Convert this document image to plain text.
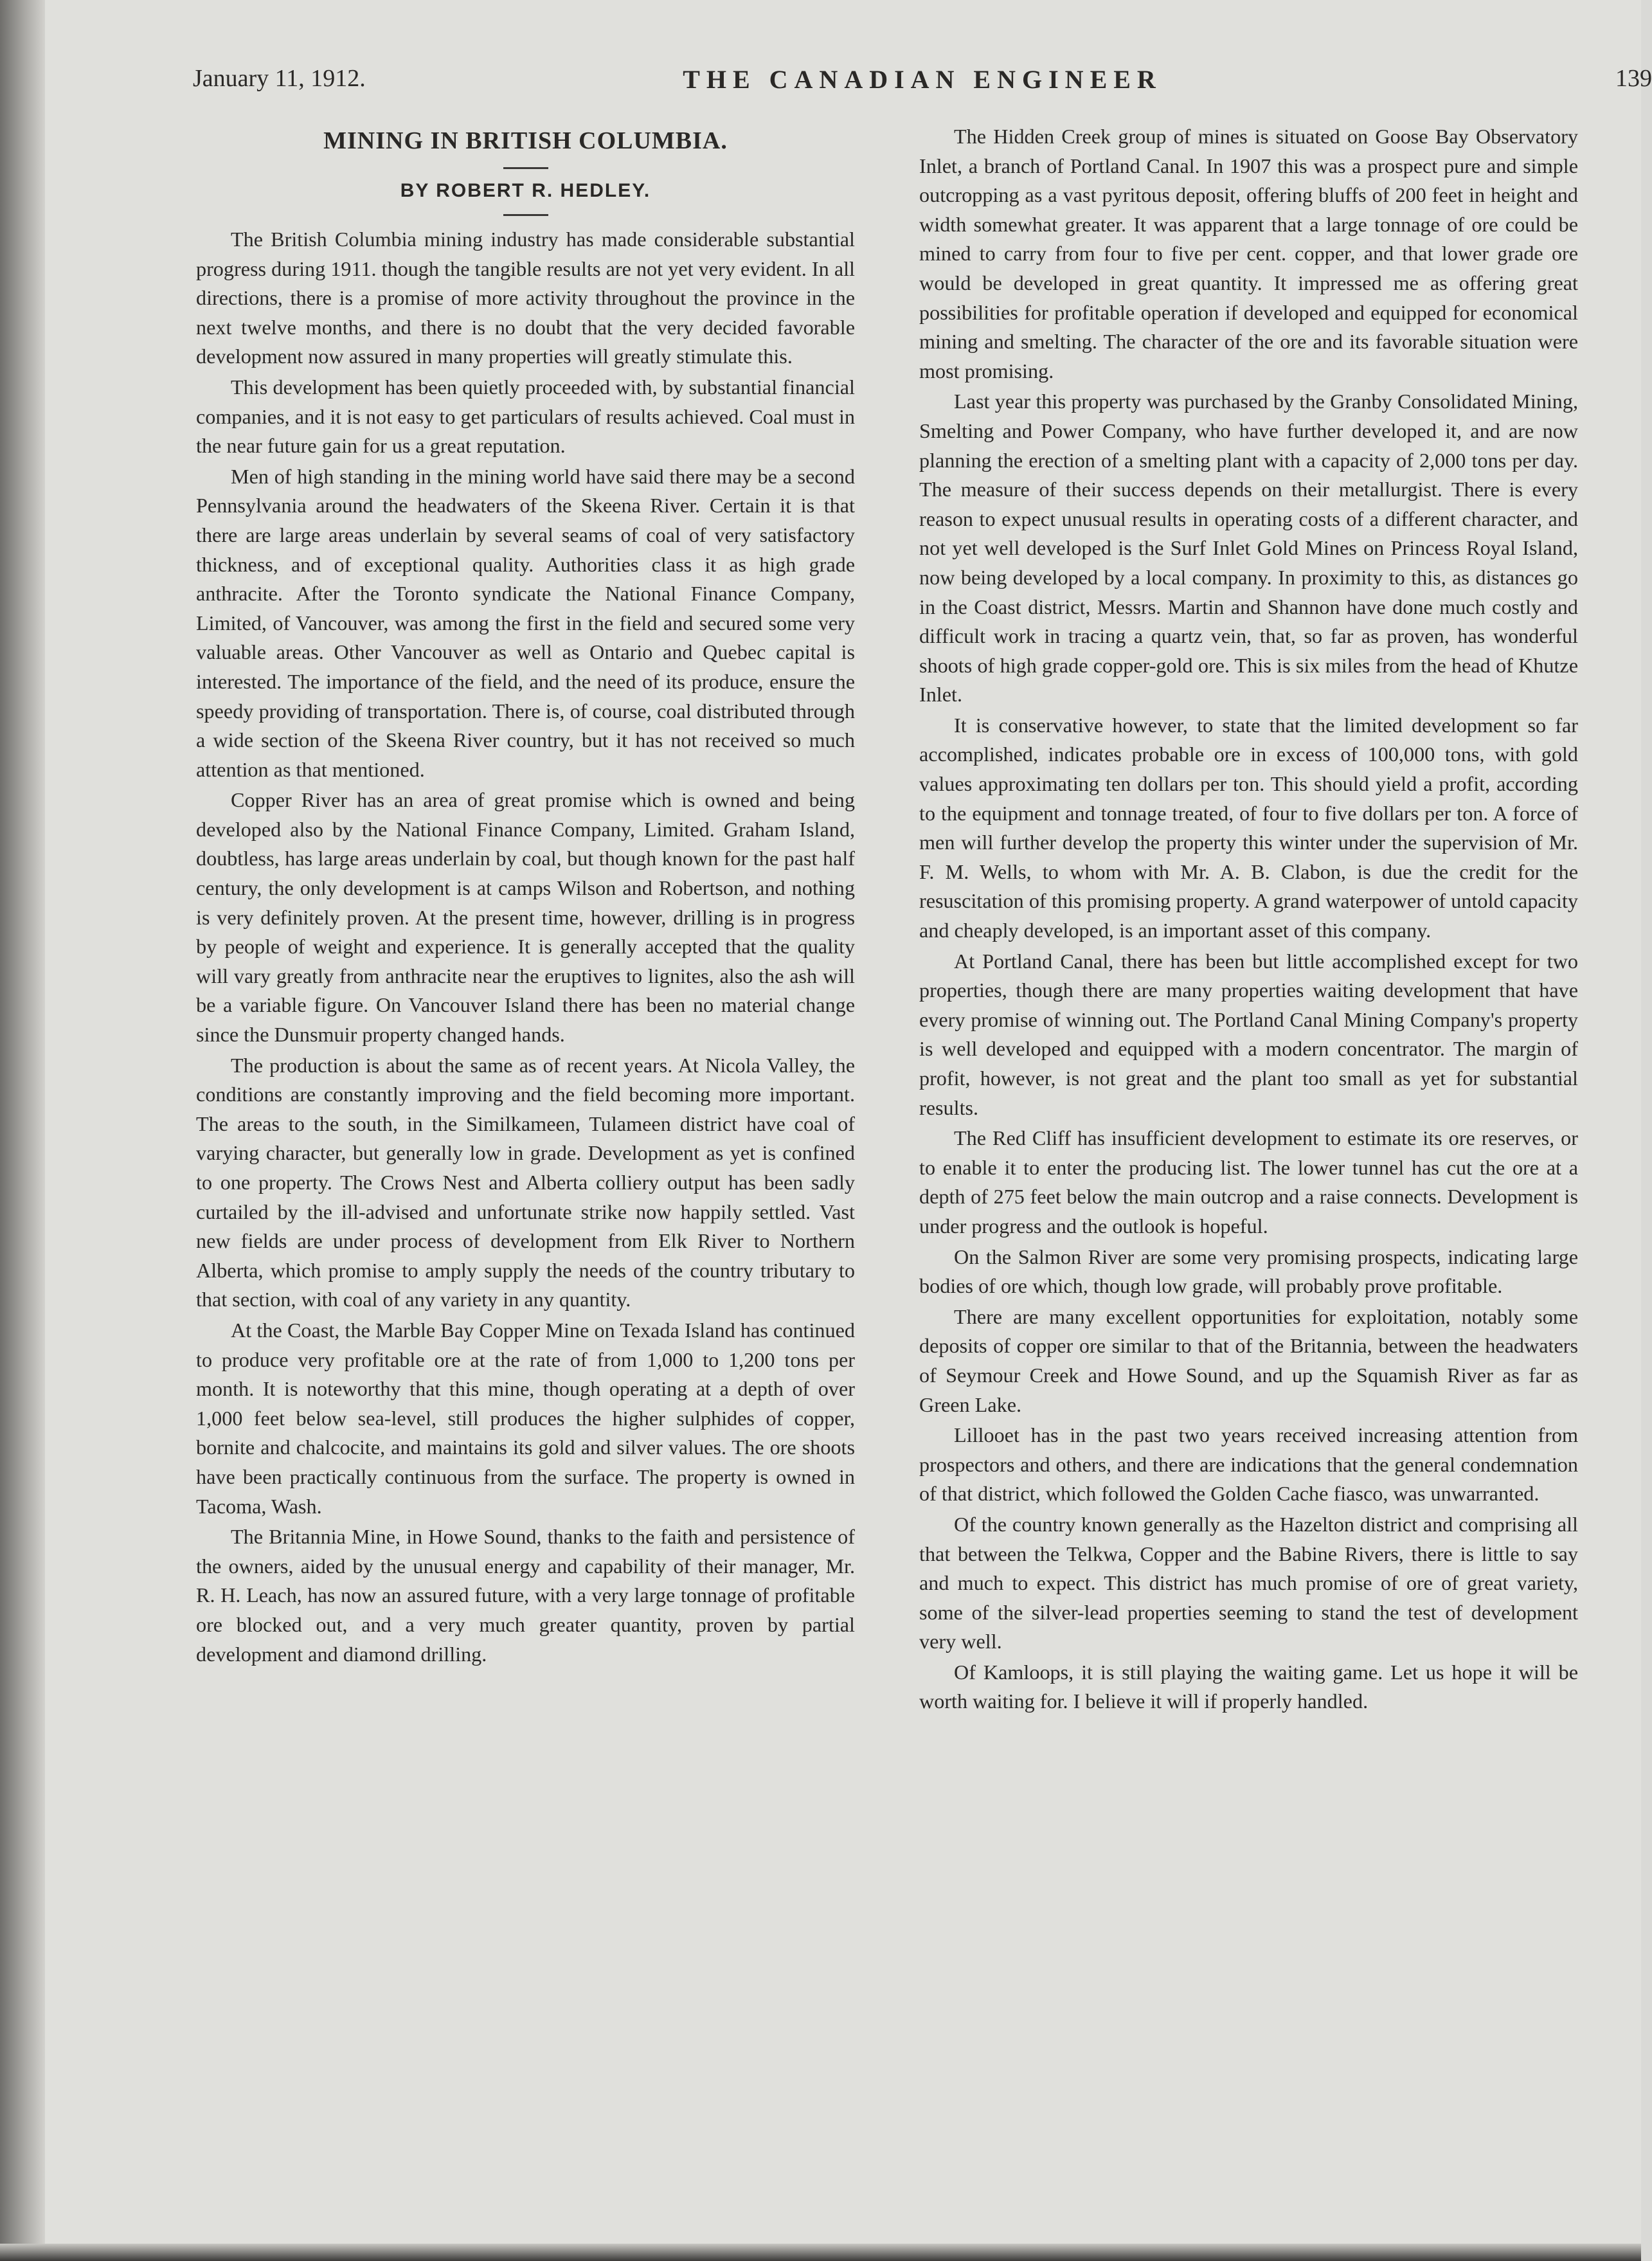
January 11, 1912.	THE CANADIAN ENGINEER	139
MINING IN BRITISH COLUMBIA.
BY ROBERT R. HEDLEY.

The British Columbia mining industry has made considerable substantial progress during 1911. though the tangible results are not yet very evident. In all directions, there is a promise of more activity throughout the province in the next twelve months, and there is no doubt that the very decided favorable development now assured in many properties will greatly stimulate this.

This development has been quietly proceeded with, by substantial financial companies, and it is not easy to get particulars of results achieved. Coal must in the near future gain for us a great reputation.

Men of high standing in the mining world have said there may be a second Pennsylvania around the headwaters of the Skeena River. Certain it is that there are large areas underlain by several seams of coal of very satisfactory thickness, and of exceptional quality. Authorities class it as high grade anthracite. After the Toronto syndicate the National Finance Company, Limited, of Vancouver, was among the first in the field and secured some very valuable areas. Other Vancouver as well as Ontario and Quebec capital is interested. The importance of the field, and the need of its produce, ensure the speedy providing of transportation. There is, of course, coal distributed through a wide section of the Skeena River country, but it has not received so much attention as that mentioned.

Copper River has an area of great promise which is owned and being developed also by the National Finance Company, Limited. Graham Island, doubtless, has large areas underlain by coal, but though known for the past half century, the only development is at camps Wilson and Robertson, and nothing is very definitely proven. At the present time, however, drilling is in progress by people of weight and experience. It is generally accepted that the quality will vary greatly from anthracite near the eruptives to lignites, also the ash will be a variable figure. On Vancouver Island there has been no material change since the Dunsmuir property changed hands.

The production is about the same as of recent years. At Nicola Valley, the conditions are constantly improving and the field becoming more important. The areas to the south, in the Similkameen, Tulameen district have coal of varying character, but generally low in grade. Development as yet is confined to one property. The Crows Nest and Alberta colliery output has been sadly curtailed by the ill-advised and unfortunate strike now happily settled. Vast new fields are under process of development from Elk River to Northern Alberta, which promise to amply supply the needs of the country tributary to that section, with coal of any variety in any quantity.

At the Coast, the Marble Bay Copper Mine on Texada Island has continued to produce very profitable ore at the rate of from 1,000 to 1,200 tons per month. It is noteworthy that this mine, though operating at a depth of over 1,000 feet below sea-level, still produces the higher sulphides of copper, bornite and chalcocite, and maintains its gold and silver values. The ore shoots have been practically continuous from the surface. The property is owned in Tacoma, Wash.

The Britannia Mine, in Howe Sound, thanks to the faith and persistence of the owners, aided by the unusual energy and capability of their manager, Mr. R. H. Leach, has now an assured future, with a very large tonnage of profitable ore blocked out, and a very much greater quantity, proven by partial development and diamond drilling.

The Hidden Creek group of mines is situated on Goose Bay Observatory Inlet, a branch of Portland Canal. In 1907 this was a prospect pure and simple outcropping as a vast pyritous deposit, offering bluffs of 200 feet in height and width somewhat greater. It was apparent that a large tonnage of ore could be mined to carry from four to five per cent. copper, and that lower grade ore would be developed in great quantity. It impressed me as offering great possibilities for profitable operation if developed and equipped for economical mining and smelting. The character of the ore and its favorable situation were most promising.

Last year this property was purchased by the Granby Consolidated Mining, Smelting and Power Company, who have further developed it, and are now planning the erection of a smelting plant with a capacity of 2,000 tons per day. The measure of their success depends on their metallurgist. There is every reason to expect unusual results in operating costs of a different character, and not yet well developed is the Surf Inlet Gold Mines on Princess Royal Island, now being developed by a local company. In proximity to this, as distances go in the Coast district, Messrs. Martin and Shannon have done much costly and difficult work in tracing a quartz vein, that, so far as proven, has wonderful shoots of high grade copper-gold ore. This is six miles from the head of Khutze Inlet.

It is conservative however, to state that the limited development so far accomplished, indicates probable ore in excess of 100,000 tons, with gold values approximating ten dollars per ton. This should yield a profit, according to the equipment and tonnage treated, of four to five dollars per ton. A force of men will further develop the property this winter under the supervision of Mr. F. M. Wells, to whom with Mr. A. B. Clabon, is due the credit for the resuscitation of this promising property. A grand waterpower of untold capacity and cheaply developed, is an important asset of this company.

At Portland Canal, there has been but little accomplished except for two properties, though there are many properties waiting development that have every promise of winning out. The Portland Canal Mining Company's property is well developed and equipped with a modern concentrator. The margin of profit, however, is not great and the plant too small as yet for substantial results.

The Red Cliff has insufficient development to estimate its ore reserves, or to enable it to enter the producing list. The lower tunnel has cut the ore at a depth of 275 feet below the main outcrop and a raise connects. Development is under progress and the outlook is hopeful.

On the Salmon River are some very promising prospects, indicating large bodies of ore which, though low grade, will probably prove profitable.

There are many excellent opportunities for exploitation, notably some deposits of copper ore similar to that of the Britannia, between the headwaters of Seymour Creek and Howe Sound, and up the Squamish River as far as Green Lake.

Lillooet has in the past two years received increasing attention from prospectors and others, and there are indications that the general condemnation of that district, which followed the Golden Cache fiasco, was unwarranted.

Of the country known generally as the Hazelton district and comprising all that between the Telkwa, Copper and the Babine Rivers, there is little to say and much to expect. This district has much promise of ore of great variety, some of the silver-lead properties seeming to stand the test of development very well.

Of Kamloops, it is still playing the waiting game. Let us hope it will be worth waiting for. I believe it will if properly handled.
